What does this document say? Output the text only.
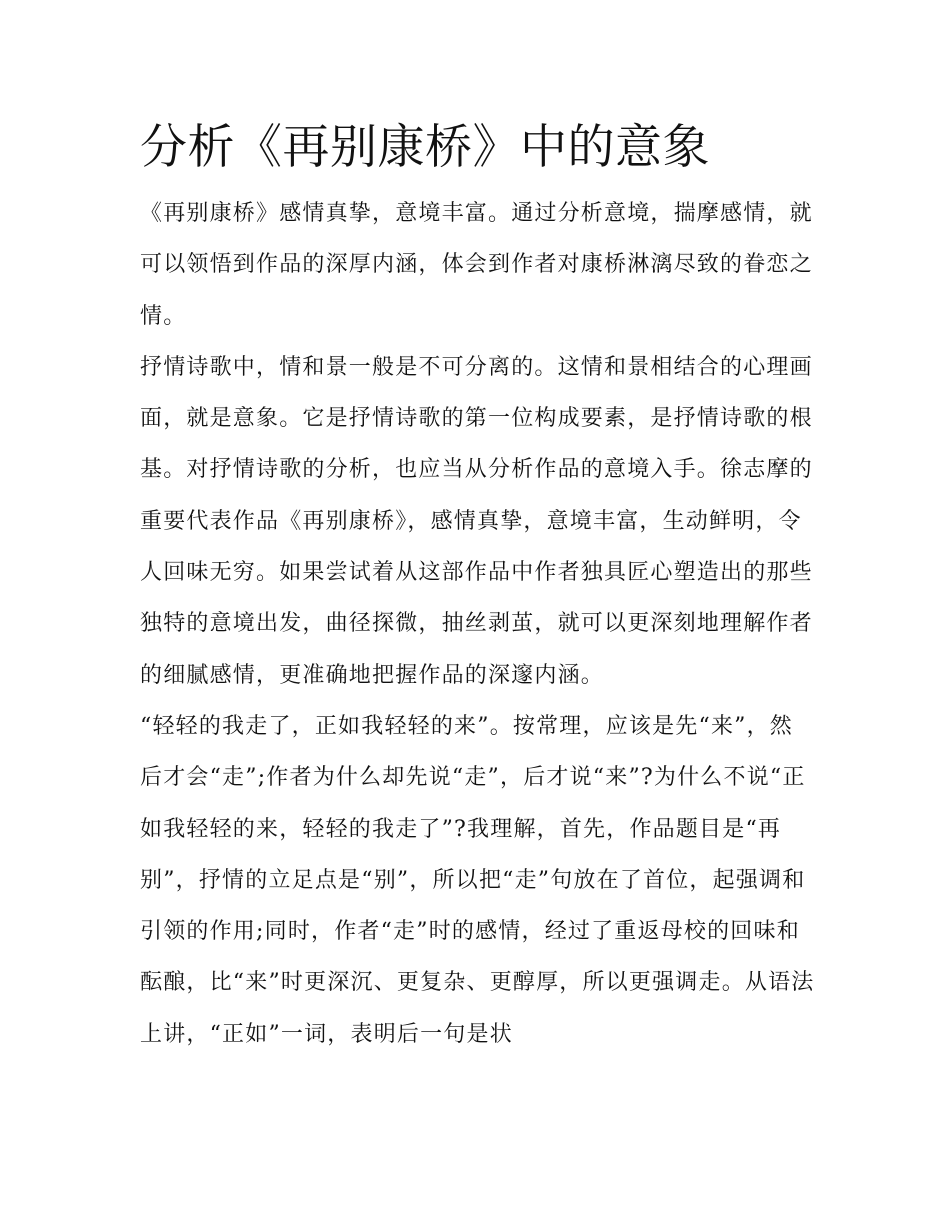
分析《再别康桥》中的意象

《再别康桥》感情真挚，意境丰富。通过分析意境，揣摩感情，就可以领悟到作品的深厚内涵，体会到作者对康桥淋漓尽致的眷恋之情。

抒情诗歌中，情和景一般是不可分离的。这情和景相结合的心理画面，就是意象。它是抒情诗歌的第一位构成要素，是抒情诗歌的根基。对抒情诗歌的分析，也应当从分析作品的意境入手。徐志摩的重要代表作品《再别康桥》，感情真挚，意境丰富，生动鲜明，令人回味无穷。如果尝试着从这部作品中作者独具匠心塑造出的那些独特的意境出发，曲径探微，抽丝剥茧，就可以更深刻地理解作者的细腻感情，更准确地把握作品的深邃内涵。

“轻轻的我走了，正如我轻轻的来”。按常理，应该是先“来”，然后才会“走”;作者为什么却先说“走”，后才说“来”?为什么不说“正如我轻轻的来，轻轻的我走了”?我理解，首先，作品题目是“再别”，抒情的立足点是“别”，所以把“走”句放在了首位，起强调和引领的作用;同时，作者“走”时的感情，经过了重返母校的回味和酝酿，比“来”时更深沉、更复杂、更醇厚，所以更强调走。从语法上讲，“正如”一词，表明后一句是状
